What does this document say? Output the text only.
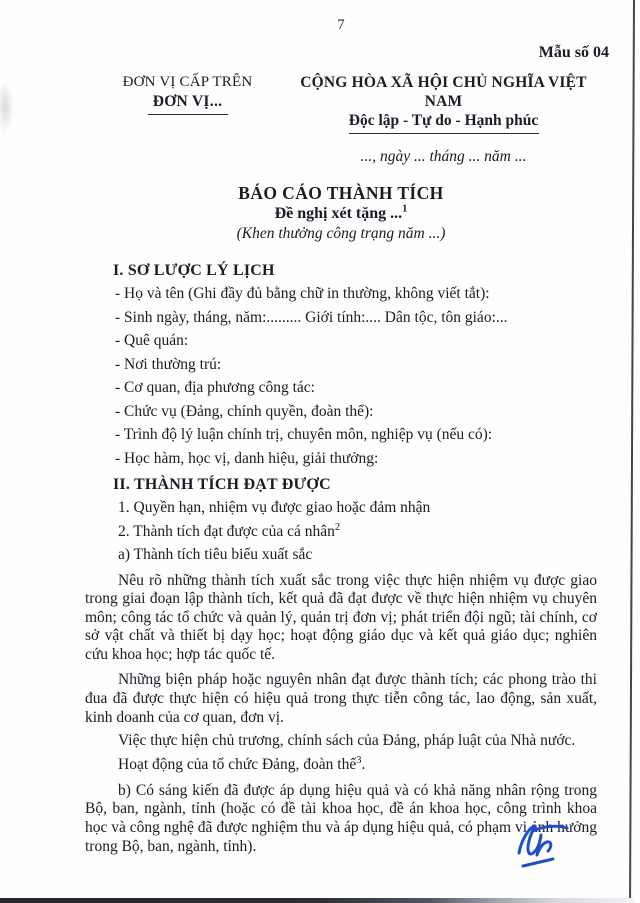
7
Mẫu số 04
ĐƠN VỊ CẤP TRÊN
ĐƠN VỊ...
CỘNG HÒA XÃ HỘI CHỦ NGHĨA VIỆT NAM
Độc lập - Tự do - Hạnh phúc
..., ngày ... tháng ... năm ...
BÁO CÁO THÀNH TÍCH
Đề nghị xét tặng ...$^1$
(Khen thưởng công trạng năm ...)
I. SƠ LƯỢC LÝ LỊCH
- Họ và tên (Ghi đầy đủ bằng chữ in thường, không viết tắt):
- Sinh ngày, tháng, năm:......... Giới tính:.... Dân tộc, tôn giáo:...
- Quê quán:
- Nơi thường trú:
- Cơ quan, địa phương công tác:
- Chức vụ (Đảng, chính quyền, đoàn thể):
- Trình độ lý luận chính trị, chuyên môn, nghiệp vụ (nếu có):
- Học hàm, học vị, danh hiệu, giải thưởng:
II. THÀNH TÍCH ĐẠT ĐƯỢC
1. Quyền hạn, nhiệm vụ được giao hoặc đảm nhận
2. Thành tích đạt được của cá nhân$^2$
a) Thành tích tiêu biểu xuất sắc

Nêu rõ những thành tích xuất sắc trong việc thực hiện nhiệm vụ được giao trong giai đoạn lập thành tích, kết quả đã đạt được về thực hiện nhiệm vụ chuyên môn; công tác tổ chức và quản lý, quản trị đơn vị; phát triển đội ngũ; tài chính, cơ sở vật chất và thiết bị dạy học; hoạt động giáo dục và kết quả giáo dục; nghiên cứu khoa học; hợp tác quốc tế.

Những biện pháp hoặc nguyên nhân đạt được thành tích; các phong trào thi đua đã được thực hiện có hiệu quả trong thực tiễn công tác, lao động, sản xuất, kinh doanh của cơ quan, đơn vị.

Việc thực hiện chủ trương, chính sách của Đảng, pháp luật của Nhà nước.

Hoạt động của tổ chức Đảng, đoàn thể$^3$.

b) Có sáng kiến đã được áp dụng hiệu quả và có khả năng nhân rộng trong Bộ, ban, ngành, tỉnh (hoặc có đề tài khoa học, đề án khoa học, công trình khoa học và công nghệ đã được nghiệm thu và áp dụng hiệu quả, có phạm vi ảnh hưởng trong Bộ, ban, ngành, tỉnh).
